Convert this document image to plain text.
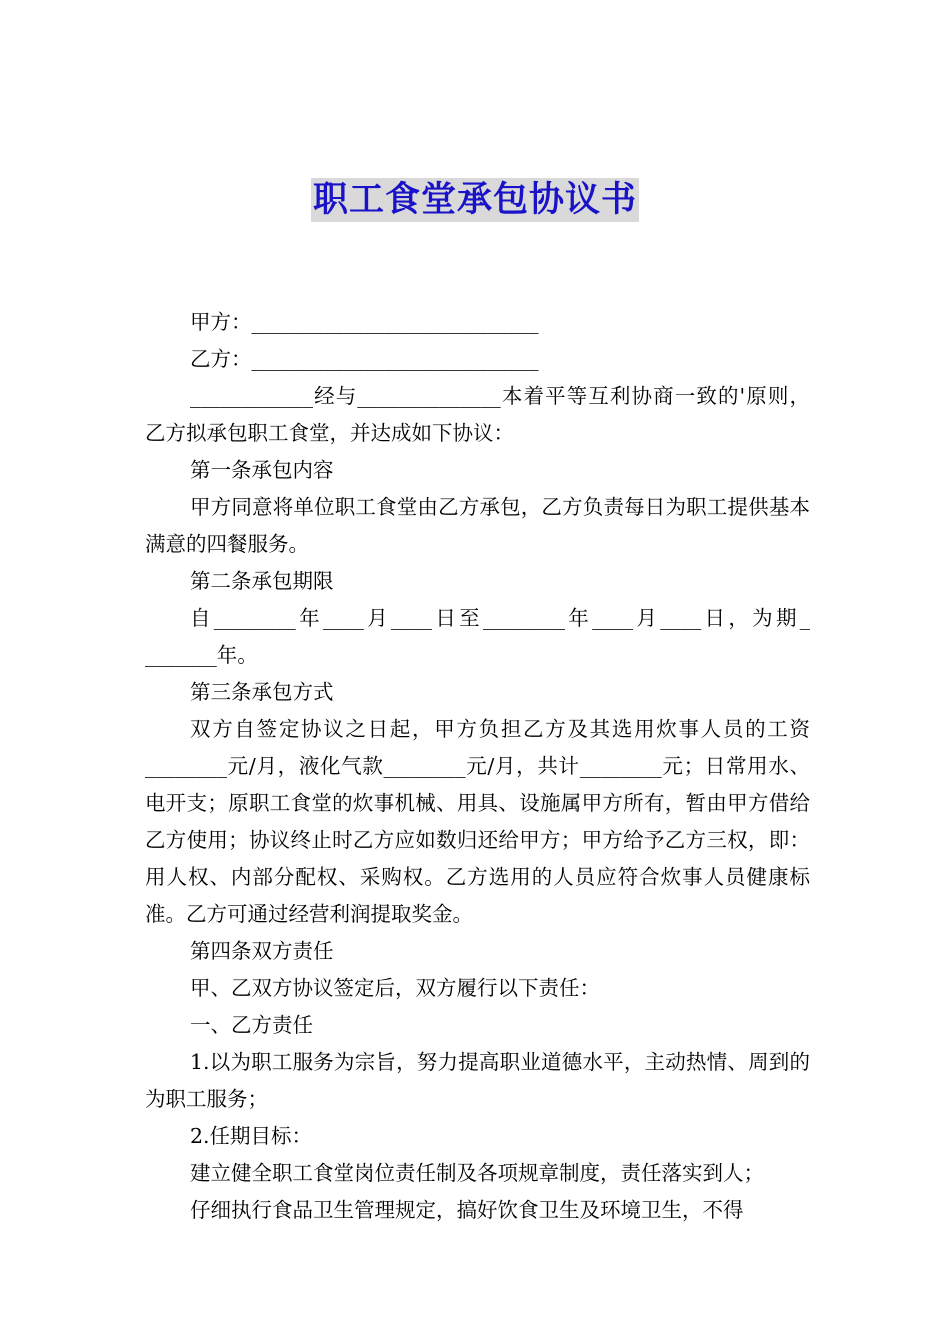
职工食堂承包协议书

甲方：____________________________

乙方：____________________________

____________经与______________本着平等互利协商一致的'原则，乙方拟承包职工食堂，并达成如下协议：

第一条承包内容

甲方同意将单位职工食堂由乙方承包，乙方负责每日为职工提供基本满意的四餐服务。

第二条承包期限

自________年____月____日至________年____月____日，为期_ _______年。

第三条承包方式

双方自签定协议之日起，甲方负担乙方及其选用炊事人员的工资________元/月，液化气款________元/月，共计________元；日常用水、电开支；原职工食堂的炊事机械、用具、设施属甲方所有，暂由甲方借给乙方使用；协议终止时乙方应如数归还给甲方；甲方给予乙方三权，即：用人权、内部分配权、采购权。乙方选用的人员应符合炊事人员健康标准。乙方可通过经营利润提取奖金。

第四条双方责任

甲、乙双方协议签定后，双方履行以下责任：

一、乙方责任

1.以为职工服务为宗旨，努力提高职业道德水平，主动热情、周到的为职工服务；

2.任期目标：

建立健全职工食堂岗位责任制及各项规章制度，责任落实到人；

仔细执行食品卫生管理规定，搞好饮食卫生及环境卫生，不得
